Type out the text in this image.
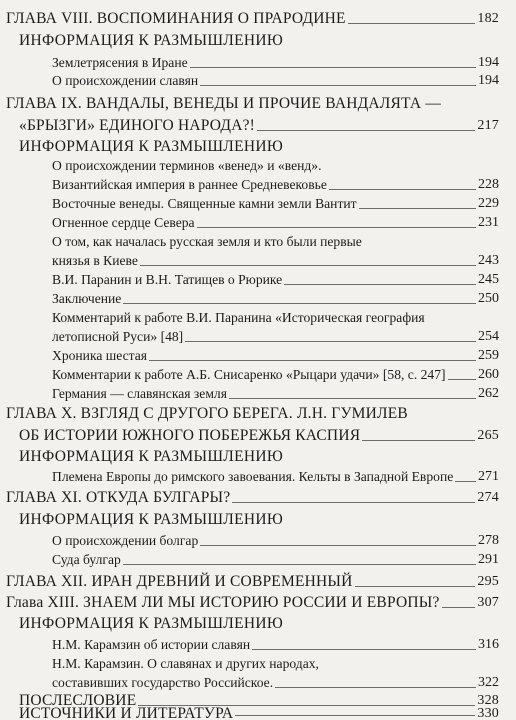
ГЛАВА VIII. ВОСПОМИНАНИЯ О ПРАРОДИНЕ	182
ИНФОРМАЦИЯ К РАЗМЫШЛЕНИЮ
Землетрясения в Иране	194
О происхождении славян	194
ГЛАВА IX. ВАНДАЛЫ, ВЕНЕДЫ И ПРОЧИЕ ВАНДАЛЯТА —
«БРЫЗГИ» ЕДИНОГО НАРОДА?!	217
ИНФОРМАЦИЯ К РАЗМЫШЛЕНИЮ
О происхождении терминов «венед» и «венд».
Византийская империя в раннее Средневековье	228
Восточные венеды. Священные камни земли Вантит	229
Огненное сердце Севера	231
О том, как началась русская земля и кто были первые
князья в Киеве	243
В.И. Паранин и В.Н. Татищев о Рюрике	245
Заключение	250
Комментарий к работе В.И. Паранина «Историческая география
летописной Руси» [48]	254
Хроника шестая	259
Комментарии к работе А.Б. Снисаренко «Рыцари удачи» [58, с. 247] 260
Германия — славянская земля	262
ГЛАВА X. ВЗГЛЯД С ДРУГОГО БЕРЕГА. Л.Н. ГУМИЛЕВ
ОБ ИСТОРИИ ЮЖНОГО ПОБЕРЕЖЬЯ КАСПИЯ	265
ИНФОРМАЦИЯ К РАЗМЫШЛЕНИЮ
Племена Европы до римского завоевания. Кельты в Западной Европе 271
ГЛАВА XI. ОТКУДА БУЛГАРЫ?	274
ИНФОРМАЦИЯ К РАЗМЫШЛЕНИЮ
О происхождении болгар	278
Суда булгар	291
ГЛАВА XII. ИРАН ДРЕВНИЙ И СОВРЕМЕННЫЙ	295
Глава XIII. ЗНАЕМ ЛИ МЫ ИСТОРИЮ РОССИИ И ЕВРОПЫ?	307
ИНФОРМАЦИЯ К РАЗМЫШЛЕНИЮ
Н.М. Карамзин об истории славян	316
Н.М. Карамзин. О славянах и других народах,
составивших государство Российское.	322
ПОСЛЕСЛОВИЕ	328
ИСТОЧНИКИ И ЛИТЕРАТУРА	330
